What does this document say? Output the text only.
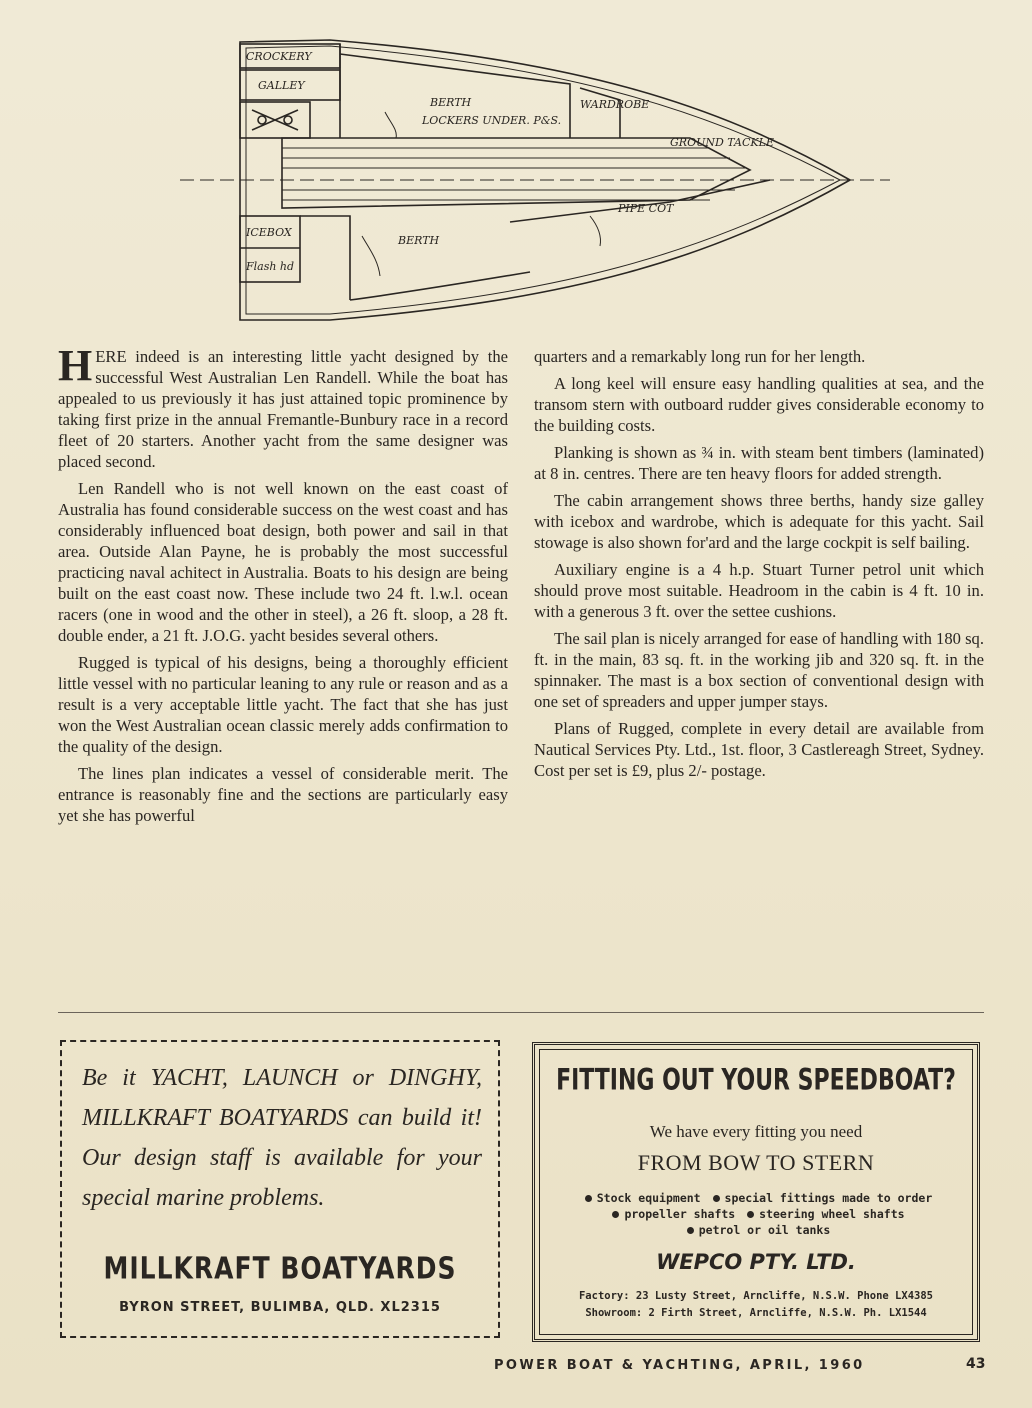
CROCKERY
GALLEY
BERTH
LOCKERS UNDER. P&S.
WARDROBE
GROUND TACKLE
PIPE COT
BERTH
ICEBOX
Flash hd

HERE indeed is an interesting little yacht designed by the successful West Australian Len Randell. While the boat has appealed to us previously it has just attained topic prominence by taking first prize in the annual Fremantle-Bunbury race in a record fleet of 20 starters. Another yacht from the same designer was placed second.

Len Randell who is not well known on the east coast of Australia has found considerable success on the west coast and has considerably influenced boat design, both power and sail in that area. Outside Alan Payne, he is probably the most successful practicing naval achitect in Australia. Boats to his design are being built on the east coast now. These include two 24 ft. l.w.l. ocean racers (one in wood and the other in steel), a 26 ft. sloop, a 28 ft. double ender, a 21 ft. J.O.G. yacht besides several others.

Rugged is typical of his designs, being a thoroughly efficient little vessel with no particular leaning to any rule or reason and as a result is a very acceptable little yacht. The fact that she has just won the West Australian ocean classic merely adds confirmation to the quality of the design.

The lines plan indicates a vessel of considerable merit. The entrance is reasonably fine and the sections are particularly easy yet she has powerful

quarters and a remarkably long run for her length.

A long keel will ensure easy handling qualities at sea, and the transom stern with outboard rudder gives considerable economy to the building costs.

Planking is shown as ¾ in. with steam bent timbers (laminated) at 8 in. centres. There are ten heavy floors for added strength.

The cabin arrangement shows three berths, handy size galley with icebox and wardrobe, which is adequate for this yacht. Sail stowage is also shown for'ard and the large cockpit is self bailing.

Auxiliary engine is a 4 h.p. Stuart Turner petrol unit which should prove most suitable. Headroom in the cabin is 4 ft. 10 in. with a generous 3 ft. over the settee cushions.

The sail plan is nicely arranged for ease of handling with 180 sq. ft. in the main, 83 sq. ft. in the working jib and 320 sq. ft. in the spinnaker. The mast is a box section of conventional design with one set of spreaders and upper jumper stays.

Plans of Rugged, complete in every detail are available from Nautical Services Pty. Ltd., 1st. floor, 3 Castlereagh Street, Sydney. Cost per set is £9, plus 2/- postage.

Be it YACHT, LAUNCH or DINGHY, MILLKRAFT BOATYARDS can build it! Our design staff is available for your special marine problems.
MILLKRAFT BOATYARDS
BYRON STREET, BULIMBA, QLD. XL2315
FITTING OUT YOUR SPEEDBOAT?
We have every fitting you need
FROM BOW TO STERN
Stock equipment special fittings made to order
propeller shafts steering wheel shafts
petrol or oil tanks
WEPCO PTY. LTD.
Factory: 23 Lusty Street, Arncliffe, N.S.W. Phone LX4385
Showroom: 2 Firth Street, Arncliffe, N.S.W. Ph. LX1544
POWER BOAT & YACHTING, APRIL, 1960	43
